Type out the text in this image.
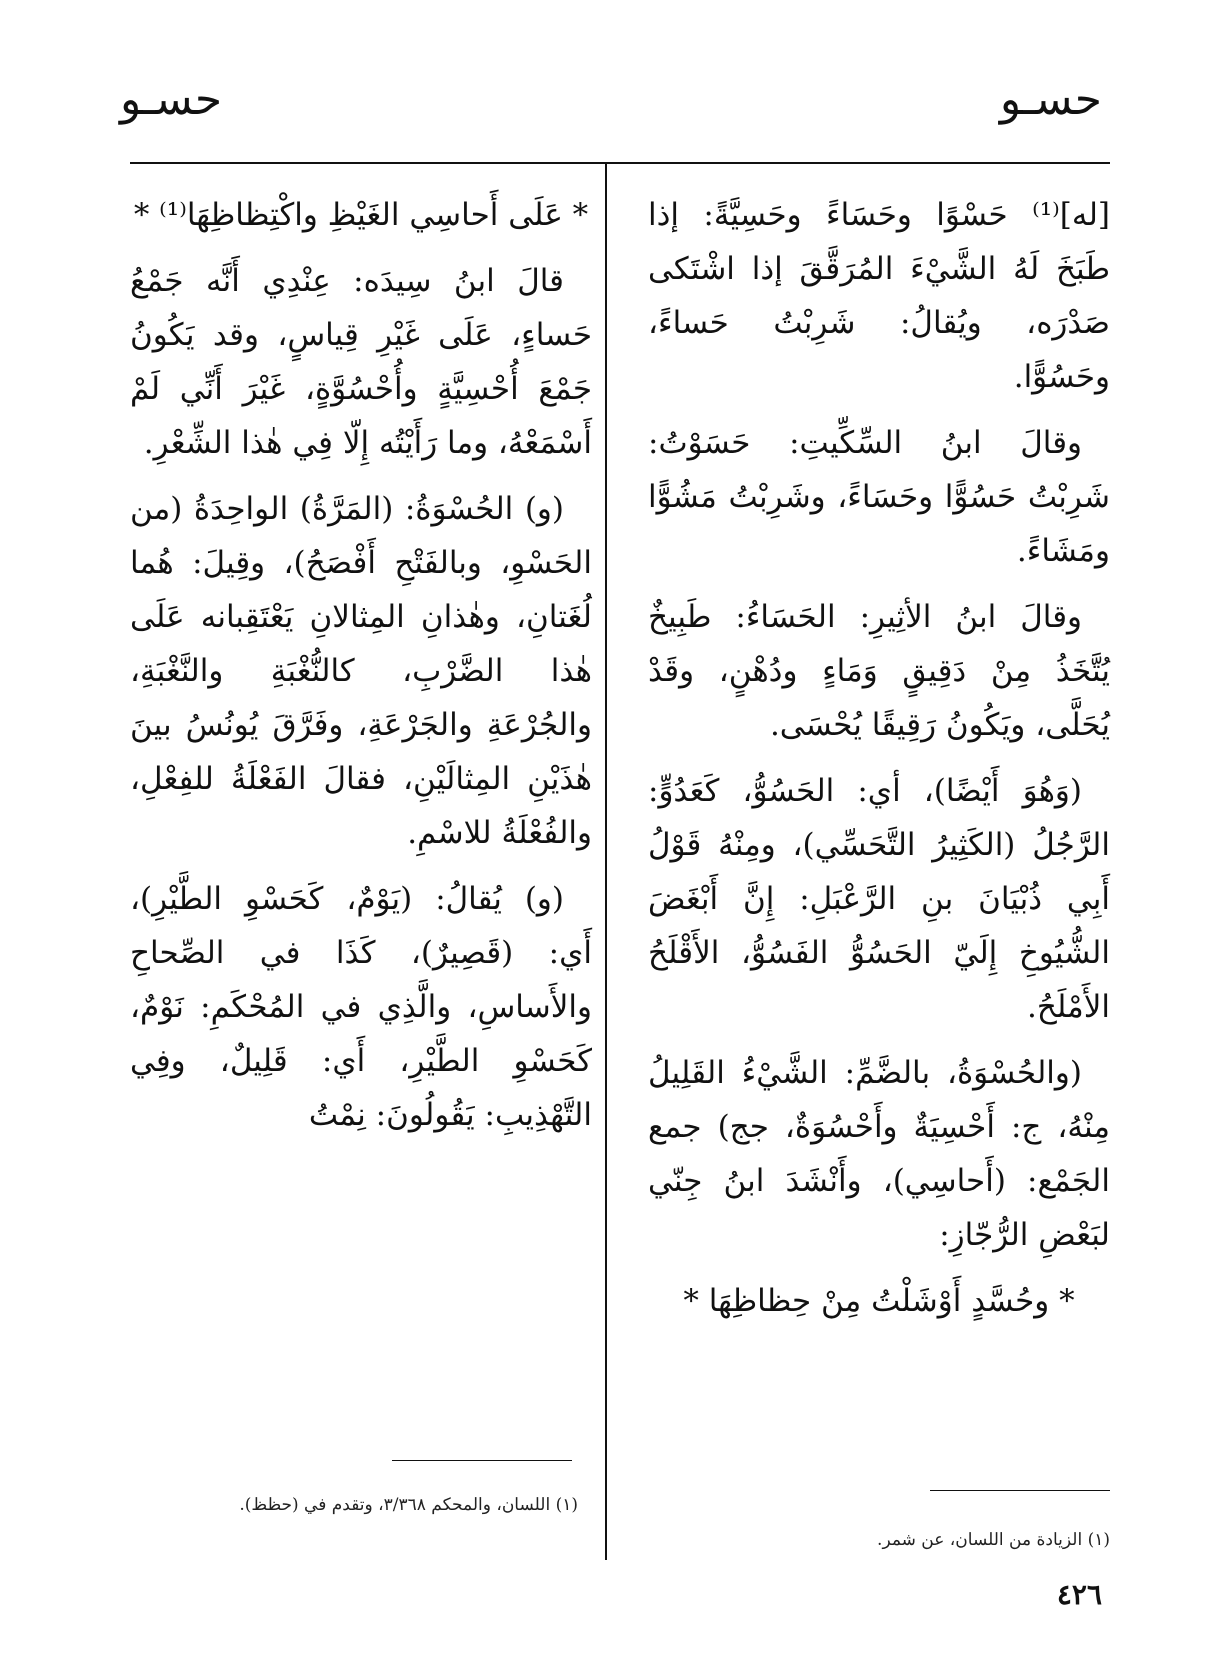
حسـو
حسـو

[له]⁽¹⁾ حَسْوًا وحَسَاءً وحَسِيَّةً: إذا طَبَخَ لَهُ الشَّيْءَ المُرَقَّقَ إذا اشْتَكى صَدْرَه، ويُقالُ: شَرِبْتُ حَساءً، وحَسُوًّا.

وقالَ ابنُ السِّكِّيتِ: حَسَوْتُ: شَرِبْتُ حَسُوًّا وحَسَاءً، وشَرِبْتُ مَشُوًّا ومَشَاءً.

وقالَ ابنُ الأثِيرِ: الحَسَاءُ: طَبِيخٌ يُتَّخَذُ مِنْ دَقِيقٍ وَمَاءٍ ودُهْنٍ، وقَدْ يُحَلَّى، ويَكُونُ رَقِيقًا يُحْسَى.

(وَهُوَ أَيْضًا)، أي: الحَسُوُّ، كَعَدُوٍّ: الرَّجُلُ (الكَثِيرُ التَّحَسِّي)، ومِنْهُ قَوْلُ أَبِي ذُبْيَانَ بنِ الرَّعْبَلِ: إِنَّ أَبْغَضَ الشُّيُوخِ إِلَيّ الحَسُوُّ الفَسُوُّ، الأَقْلَحُ الأَمْلَحُ.

(والحُسْوَةُ، بالضَّمِّ: الشَّيْءُ القَلِيلُ مِنْهُ، ج: أَحْسِيَةٌ وأَحْسُوَةٌ، جج) جمع الجَمْع: (أَحاسِي)، وأَنْشَدَ ابنُ جِنّي لبَعْضِ الرُّجّازِ:

* وحُسَّدٍ أَوْشَلْتُ مِنْ حِظاظِهَا *

* عَلَى أَحاسِي الغَيْظِ واكْتِظاظِهَا⁽¹⁾ *

قالَ ابنُ سِيدَه: عِنْدِي أَنَّه جَمْعُ حَساءٍ، عَلَى غَيْرِ قِياسٍ، وقد يَكُونُ جَمْعَ أُحْسِيَّةٍ وأُحْسُوَّةٍ، غَيْرَ أَنِّي لَمْ أَسْمَعْهُ، وما رَأَيْتُه إِلّا فِي هٰذا الشِّعْرِ.

(و) الحُسْوَةُ: (المَرَّةُ) الواحِدَةُ (من الحَسْوِ، وبالفَتْحِ أَفْصَحُ)، وقِيلَ: هُما لُغَتانِ، وهٰذانِ المِثالانِ يَعْتَقِبانه عَلَى هٰذا الضَّرْبِ، كالنُّغْبَةِ والنَّغْبَةِ، والجُرْعَةِ والجَرْعَةِ، وفَرَّقَ يُونُسُ بينَ هٰذَيْنِ المِثالَيْنِ، فقالَ الفَعْلَةُ للفِعْلِ، والفُعْلَةُ للاسْمِ.

(و) يُقالُ: (يَوْمٌ، كَحَسْوِ الطَّيْرِ)، أَي: (قَصِيرٌ)، كَذَا في الصِّحاحِ والأَساسِ، والَّذِي في المُحْكَمِ: نَوْمٌ، كَحَسْوِ الطَّيْرِ، أَي: قَلِيلٌ، وفِي التَّهْذِيبِ: يَقُولُونَ: نِمْتُ

(١) الزيادة من اللسان، عن شمر.
(١) اللسان، والمحكم ٣/٣٦٨، وتقدم في (حظظ).
٤٢٦
